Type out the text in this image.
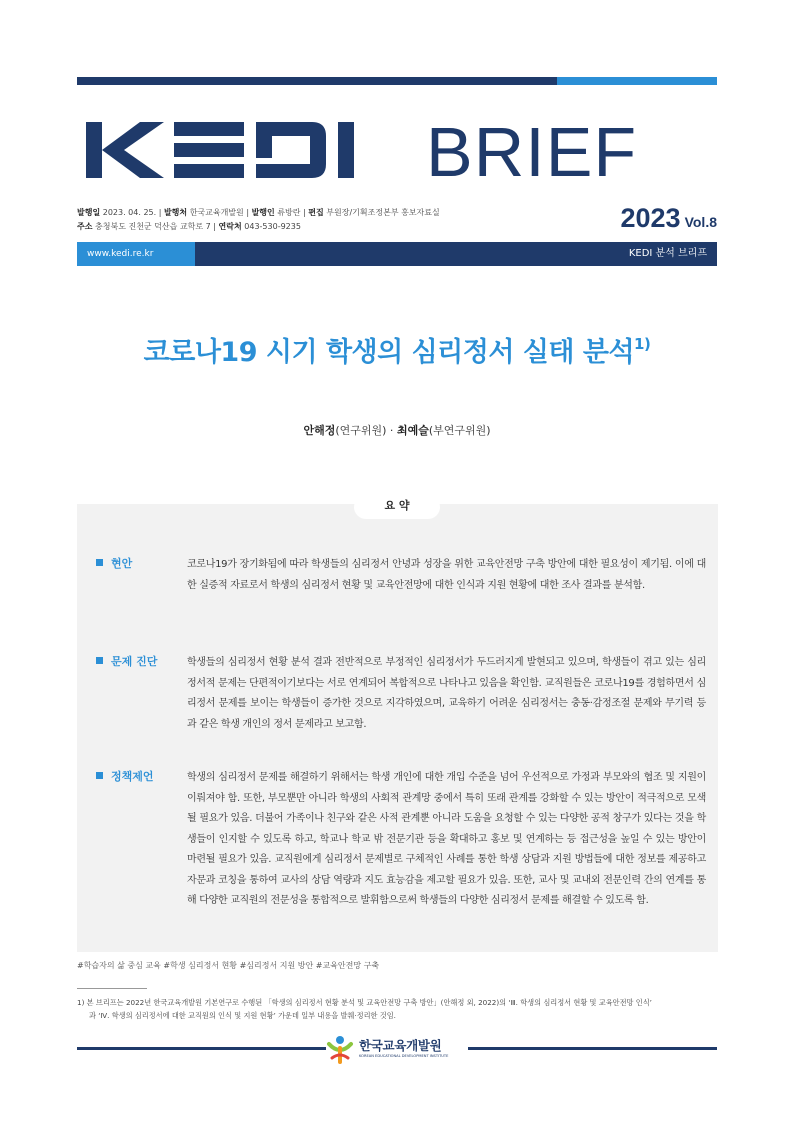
BRIEF
발행일 2023. 04. 25. | 발행처 한국교육개발원 | 발행인 류방란 | 편집 부원장/기획조정본부 홍보자료실
주소 충청북도 진천군 덕산읍 교학로 7 | 연락처 043-530-9235	2023 Vol.8
www.kedi.re.kr	KEDI 분석 브리프
코로나19 시기 학생의 심리정서 실태 분석$^{1)}$
안해정(연구위원) · 최예슬(부연구위원)
요 약
현안	코로나19가 장기화됨에 따라 학생들의 심리정서 안녕과 성장을 위한 교육안전망 구축 방안에 대한 필요성이 제기됨. 이에 대한 실증적 자료로서 학생의 심리정서 현황 및 교육안전망에 대한 인식과 지원 현황에 대한 조사 결과를 분석함.
문제 진단	학생들의 심리정서 현황 분석 결과 전반적으로 부정적인 심리정서가 두드러지게 발현되고 있으며, 학생들이 겪고 있는 심리정서적 문제는 단편적이기보다는 서로 연계되어 복합적으로 나타나고 있음을 확인함. 교직원들은 코로나19를 경험하면서 심리정서 문제를 보이는 학생들이 증가한 것으로 지각하였으며, 교육하기 어려운 심리정서는 충동·감정조절 문제와 무기력 등과 같은 학생 개인의 정서 문제라고 보고함.
정책제언	학생의 심리정서 문제를 해결하기 위해서는 학생 개인에 대한 개입 수준을 넘어 우선적으로 가정과 부모와의 협조 및 지원이 이뤄져야 함. 또한, 부모뿐만 아니라 학생의 사회적 관계망 중에서 특히 또래 관계를 강화할 수 있는 방안이 적극적으로 모색될 필요가 있음. 더불어 가족이나 친구와 같은 사적 관계뿐 아니라 도움을 요청할 수 있는 다양한 공적 창구가 있다는 것을 학생들이 인지할 수 있도록 하고, 학교나 학교 밖 전문기관 등을 확대하고 홍보 및 연계하는 등 접근성을 높일 수 있는 방안이 마련될 필요가 있음. 교직원에게 심리정서 문제별로 구체적인 사례를 통한 학생 상담과 지원 방법들에 대한 정보를 제공하고 자문과 코칭을 통하여 교사의 상담 역량과 지도 효능감을 제고할 필요가 있음. 또한, 교사 및 교내외 전문인력 간의 연계를 통해 다양한 교직원의 전문성을 통합적으로 발휘함으로써 학생들의 다양한 심리정서 문제를 해결할 수 있도록 함.
#학습자의 삶 중심 교육 #학생 심리정서 현황 #심리정서 지원 방안 #교육안전망 구축
1) 본 브리프는 2022년 한국교육개발원 기본연구로 수행된 「학생의 심리정서 현황 분석 및 교육안전망 구축 방안」(안해정 외, 2022)의 ‘Ⅲ. 학생의 심리정서 현황 및 교육안전망 인식’
과 ‘Ⅳ. 학생의 심리정서에 대한 교직원의 인식 및 지원 현황’ 가운데 일부 내용을 발췌·정리한 것임.
한국교육개발원
KOREAN EDUCATIONAL DEVELOPMENT INSTITUTE
